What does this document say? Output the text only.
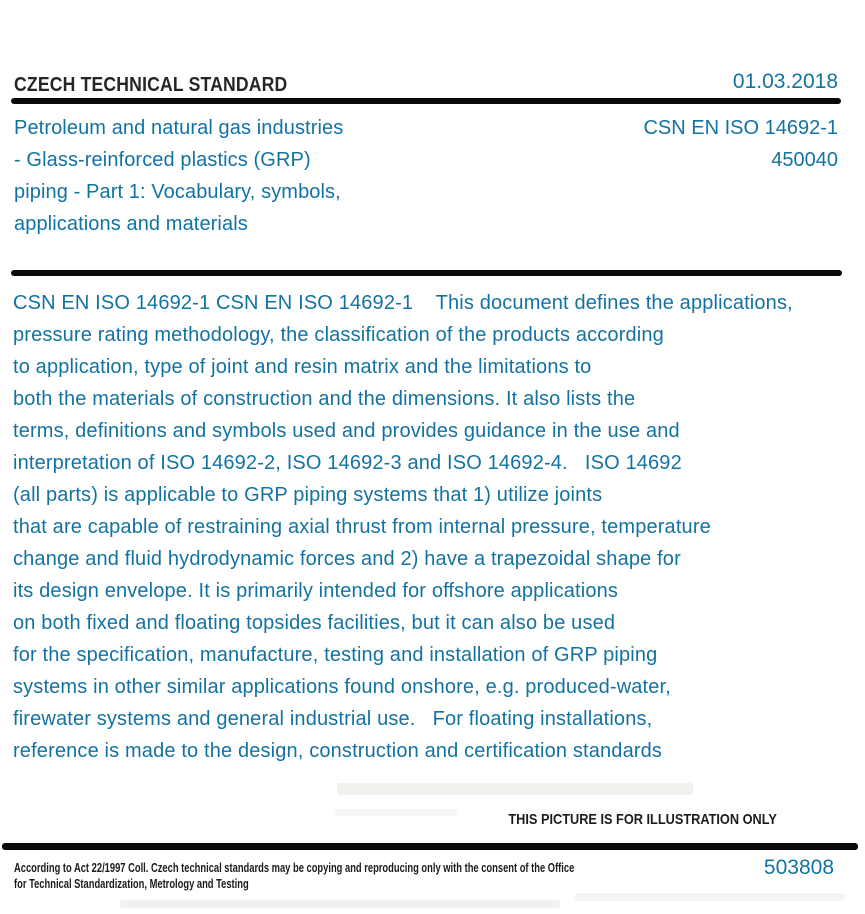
CZECH TECHNICAL STANDARD	01.03.2018
Petroleum and natural gas industries
- Glass-reinforced plastics (GRP)
piping - Part 1: Vocabulary, symbols,
applications and materials
CSN EN ISO 14692-1
450040
CSN EN ISO 14692-1 CSN EN ISO 14692-1    This document defines the applications,
pressure rating methodology, the classification of the products according
to application, type of joint and resin matrix and the limitations to
both the materials of construction and the dimensions. It also lists the
terms, definitions and symbols used and provides guidance in the use and
interpretation of ISO 14692-2, ISO 14692-3 and ISO 14692-4.   ISO 14692
(all parts) is applicable to GRP piping systems that 1) utilize joints
that are capable of restraining axial thrust from internal pressure, temperature
change and fluid hydrodynamic forces and 2) have a trapezoidal shape for
its design envelope. It is primarily intended for offshore applications
on both fixed and floating topsides facilities, but it can also be used
for the specification, manufacture, testing and installation of GRP piping
systems in other similar applications found onshore, e.g. produced-water,
firewater systems and general industrial use.   For floating installations,
reference is made to the design, construction and certification standards
THIS PICTURE IS FOR ILLUSTRATION ONLY
According to Act 22/1997 Coll. Czech technical standards may be copying and reproducing only with the consent of the Office
for Technical Standardization, Metrology and Testing
503808
